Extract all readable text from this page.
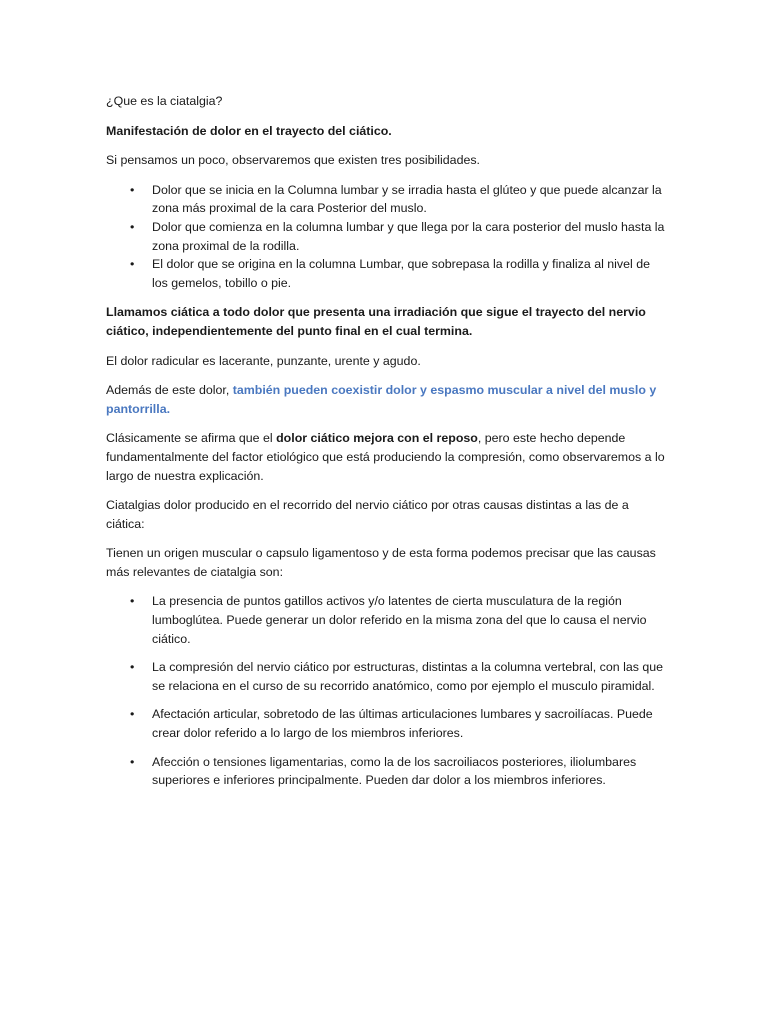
¿Que es la ciatalgia?

Manifestación de dolor en el trayecto del ciático.

Si pensamos un poco, observaremos que existen tres posibilidades.

• Dolor que se inicia en la Columna lumbar y se irradia hasta el glúteo y que puede alcanzar la zona más proximal de la cara Posterior del muslo.
• Dolor que comienza en la columna lumbar y que llega por la cara posterior del muslo hasta la zona proximal de la rodilla.
• El dolor que se origina en la columna Lumbar, que sobrepasa la rodilla y finaliza al nivel de los gemelos, tobillo o pie.

Llamamos ciática a todo dolor que presenta una irradiación que sigue el trayecto del nervio ciático, independientemente del punto final en el cual termina.

El dolor radicular es lacerante, punzante, urente y agudo.

Además de este dolor, también pueden coexistir dolor y espasmo muscular a nivel del muslo y pantorrilla.

Clásicamente se afirma que el dolor ciático mejora con el reposo, pero este hecho depende fundamentalmente del factor etiológico que está produciendo la compresión, como observaremos a lo largo de nuestra explicación.

Ciatalgias dolor producido en el recorrido del nervio ciático por otras causas distintas a las de a ciática:

Tienen un origen muscular o capsulo ligamentoso y de esta forma podemos precisar que las causas más relevantes de ciatalgia son:

• La presencia de puntos gatillos activos y/o latentes de cierta musculatura de la región lumboglútea. Puede generar un dolor referido en la misma zona del que lo causa el nervio ciático.
• La compresión del nervio ciático por estructuras, distintas a la columna vertebral, con las que se relaciona en el curso de su recorrido anatómico, como por ejemplo el musculo piramidal.
• Afectación articular, sobretodo de las últimas articulaciones lumbares y sacroilíacas. Puede crear dolor referido a lo largo de los miembros inferiores.
• Afección o tensiones ligamentarias, como la de los sacroiliacos posteriores, iliolumbares superiores e inferiores principalmente. Pueden dar dolor a los miembros inferiores.
